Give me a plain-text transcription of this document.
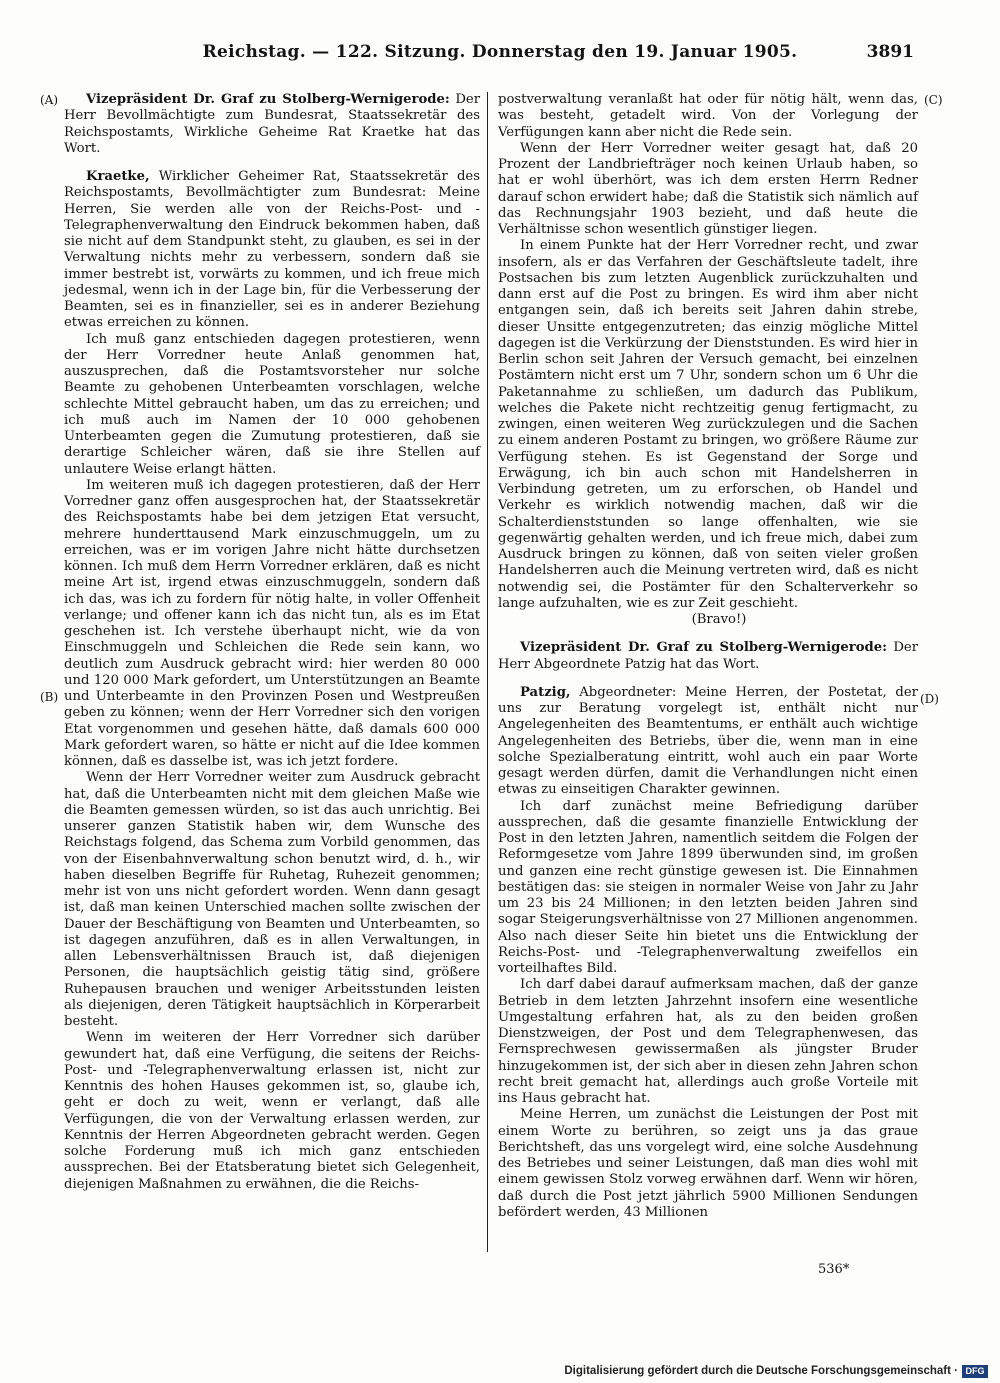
Reichstag. — 122. Sitzung. Donnerstag den 19. Januar 1905.	3891
(A)
(B)
(C)
(D)

Vizepräsident Dr. Graf zu Stolberg-Wernigerode: Der Herr Bevollmächtigte zum Bundesrat, Staatssekretär des Reichspostamts, Wirkliche Geheime Rat Kraetke hat das Wort.

Kraetke, Wirklicher Geheimer Rat, Staatssekretär des Reichspostamts, Bevollmächtigter zum Bundesrat: Meine Herren, Sie werden alle von der Reichs-Post- und -Telegraphenverwaltung den Eindruck bekommen haben, daß sie nicht auf dem Standpunkt steht, zu glauben, es sei in der Verwaltung nichts mehr zu verbessern, sondern daß sie immer bestrebt ist, vorwärts zu kommen, und ich freue mich jedesmal, wenn ich in der Lage bin, für die Verbesserung der Beamten, sei es in finanzieller, sei es in anderer Beziehung etwas erreichen zu können.

Ich muß ganz entschieden dagegen protestieren, wenn der Herr Vorredner heute Anlaß genommen hat, auszusprechen, daß die Postamtsvorsteher nur solche Beamte zu gehobenen Unterbeamten vorschlagen, welche schlechte Mittel gebraucht haben, um das zu erreichen; und ich muß auch im Namen der 10 000 gehobenen Unterbeamten gegen die Zumutung protestieren, daß sie derartige Schleicher wären, daß sie ihre Stellen auf unlautere Weise erlangt hätten.

Im weiteren muß ich dagegen protestieren, daß der Herr Vorredner ganz offen ausgesprochen hat, der Staatssekretär des Reichspostamts habe bei dem jetzigen Etat versucht, mehrere hunderttausend Mark einzuschmuggeln, um zu erreichen, was er im vorigen Jahre nicht hätte durchsetzen können. Ich muß dem Herrn Vorredner erklären, daß es nicht meine Art ist, irgend etwas einzuschmuggeln, sondern daß ich das, was ich zu fordern für nötig halte, in voller Offenheit verlange; und offener kann ich das nicht tun, als es im Etat geschehen ist. Ich verstehe überhaupt nicht, wie da von Einschmuggeln und Schleichen die Rede sein kann, wo deutlich zum Ausdruck gebracht wird: hier werden 80 000 und 120 000 Mark gefordert, um Unterstützungen an Beamte und Unterbeamte in den Provinzen Posen und Westpreußen geben zu können; wenn der Herr Vorredner sich den vorigen Etat vorgenommen und gesehen hätte, daß damals 600 000 Mark gefordert waren, so hätte er nicht auf die Idee kommen können, daß es dasselbe ist, was ich jetzt fordere.

Wenn der Herr Vorredner weiter zum Ausdruck gebracht hat, daß die Unterbeamten nicht mit dem gleichen Maße wie die Beamten gemessen würden, so ist das auch unrichtig. Bei unserer ganzen Statistik haben wir, dem Wunsche des Reichstags folgend, das Schema zum Vorbild genommen, das von der Eisenbahnverwaltung schon benutzt wird, d. h., wir haben dieselben Begriffe für Ruhetag, Ruhezeit genommen; mehr ist von uns nicht gefordert worden. Wenn dann gesagt ist, daß man keinen Unterschied machen sollte zwischen der Dauer der Beschäftigung von Beamten und Unterbeamten, so ist dagegen anzuführen, daß es in allen Verwaltungen, in allen Lebensverhältnissen Brauch ist, daß diejenigen Personen, die hauptsächlich geistig tätig sind, größere Ruhepausen brauchen und weniger Arbeitsstunden leisten als diejenigen, deren Tätigkeit hauptsächlich in Körperarbeit besteht.

Wenn im weiteren der Herr Vorredner sich darüber gewundert hat, daß eine Verfügung, die seitens der Reichs-Post- und -Telegraphenverwaltung erlassen ist, nicht zur Kenntnis des hohen Hauses gekommen ist, so, glaube ich, geht er doch zu weit, wenn er verlangt, daß alle Verfügungen, die von der Verwaltung erlassen werden, zur Kenntnis der Herren Abgeordneten gebracht werden. Gegen solche Forderung muß ich mich ganz entschieden aussprechen. Bei der Etatsberatung bietet sich Gelegenheit, diejenigen Maßnahmen zu erwähnen, die die Reichs-

postverwaltung veranlaßt hat oder für nötig hält, wenn das, was besteht, getadelt wird. Von der Vorlegung der Verfügungen kann aber nicht die Rede sein.

Wenn der Herr Vorredner weiter gesagt hat, daß 20 Prozent der Landbriefträger noch keinen Urlaub haben, so hat er wohl überhört, was ich dem ersten Herrn Redner darauf schon erwidert habe; daß die Statistik sich nämlich auf das Rechnungsjahr 1903 bezieht, und daß heute die Verhältnisse schon wesentlich günstiger liegen.

In einem Punkte hat der Herr Vorredner recht, und zwar insofern, als er das Verfahren der Geschäftsleute tadelt, ihre Postsachen bis zum letzten Augenblick zurückzuhalten und dann erst auf die Post zu bringen. Es wird ihm aber nicht entgangen sein, daß ich bereits seit Jahren dahin strebe, dieser Unsitte entgegenzutreten; das einzig mögliche Mittel dagegen ist die Verkürzung der Dienststunden. Es wird hier in Berlin schon seit Jahren der Versuch gemacht, bei einzelnen Postämtern nicht erst um 7 Uhr, sondern schon um 6 Uhr die Paketannahme zu schließen, um dadurch das Publikum, welches die Pakete nicht rechtzeitig genug fertigmacht, zu zwingen, einen weiteren Weg zurückzulegen und die Sachen zu einem anderen Postamt zu bringen, wo größere Räume zur Verfügung stehen. Es ist Gegenstand der Sorge und Erwägung, ich bin auch schon mit Handelsherren in Verbindung getreten, um zu erforschen, ob Handel und Verkehr es wirklich notwendig machen, daß wir die Schalterdienststunden so lange offenhalten, wie sie gegenwärtig gehalten werden, und ich freue mich, dabei zum Ausdruck bringen zu können, daß von seiten vieler großen Handelsherren auch die Meinung vertreten wird, daß es nicht notwendig sei, die Postämter für den Schalterverkehr so lange aufzuhalten, wie es zur Zeit geschieht.

(Bravo!)

Vizepräsident Dr. Graf zu Stolberg-Wernigerode: Der Herr Abgeordnete Patzig hat das Wort.

Patzig, Abgeordneter: Meine Herren, der Postetat, der uns zur Beratung vorgelegt ist, enthält nicht nur Angelegenheiten des Beamtentums, er enthält auch wichtige Angelegenheiten des Betriebs, über die, wenn man in eine solche Spezialberatung eintritt, wohl auch ein paar Worte gesagt werden dürfen, damit die Verhandlungen nicht einen etwas zu einseitigen Charakter gewinnen.

Ich darf zunächst meine Befriedigung darüber aussprechen, daß die gesamte finanzielle Entwicklung der Post in den letzten Jahren, namentlich seitdem die Folgen der Reformgesetze vom Jahre 1899 überwunden sind, im großen und ganzen eine recht günstige gewesen ist. Die Einnahmen bestätigen das: sie steigen in normaler Weise von Jahr zu Jahr um 23 bis 24 Millionen; in den letzten beiden Jahren sind sogar Steigerungsverhältnisse von 27 Millionen angenommen. Also nach dieser Seite hin bietet uns die Entwicklung der Reichs-Post- und -Telegraphenverwaltung zweifellos ein vorteilhaftes Bild.

Ich darf dabei darauf aufmerksam machen, daß der ganze Betrieb in dem letzten Jahrzehnt insofern eine wesentliche Umgestaltung erfahren hat, als zu den beiden großen Dienstzweigen, der Post und dem Telegraphenwesen, das Fernsprechwesen gewissermaßen als jüngster Bruder hinzugekommen ist, der sich aber in diesen zehn Jahren schon recht breit gemacht hat, allerdings auch große Vorteile mit ins Haus gebracht hat.

Meine Herren, um zunächst die Leistungen der Post mit einem Worte zu berühren, so zeigt uns ja das graue Berichtsheft, das uns vorgelegt wird, eine solche Ausdehnung des Betriebes und seiner Leistungen, daß man dies wohl mit einem gewissen Stolz vorweg erwähnen darf. Wenn wir hören, daß durch die Post jetzt jährlich 5900 Millionen Sendungen befördert werden, 43 Millionen

536*
Digitalisierung gefördert durch die Deutsche Forschungsgemeinschaft · DFG
